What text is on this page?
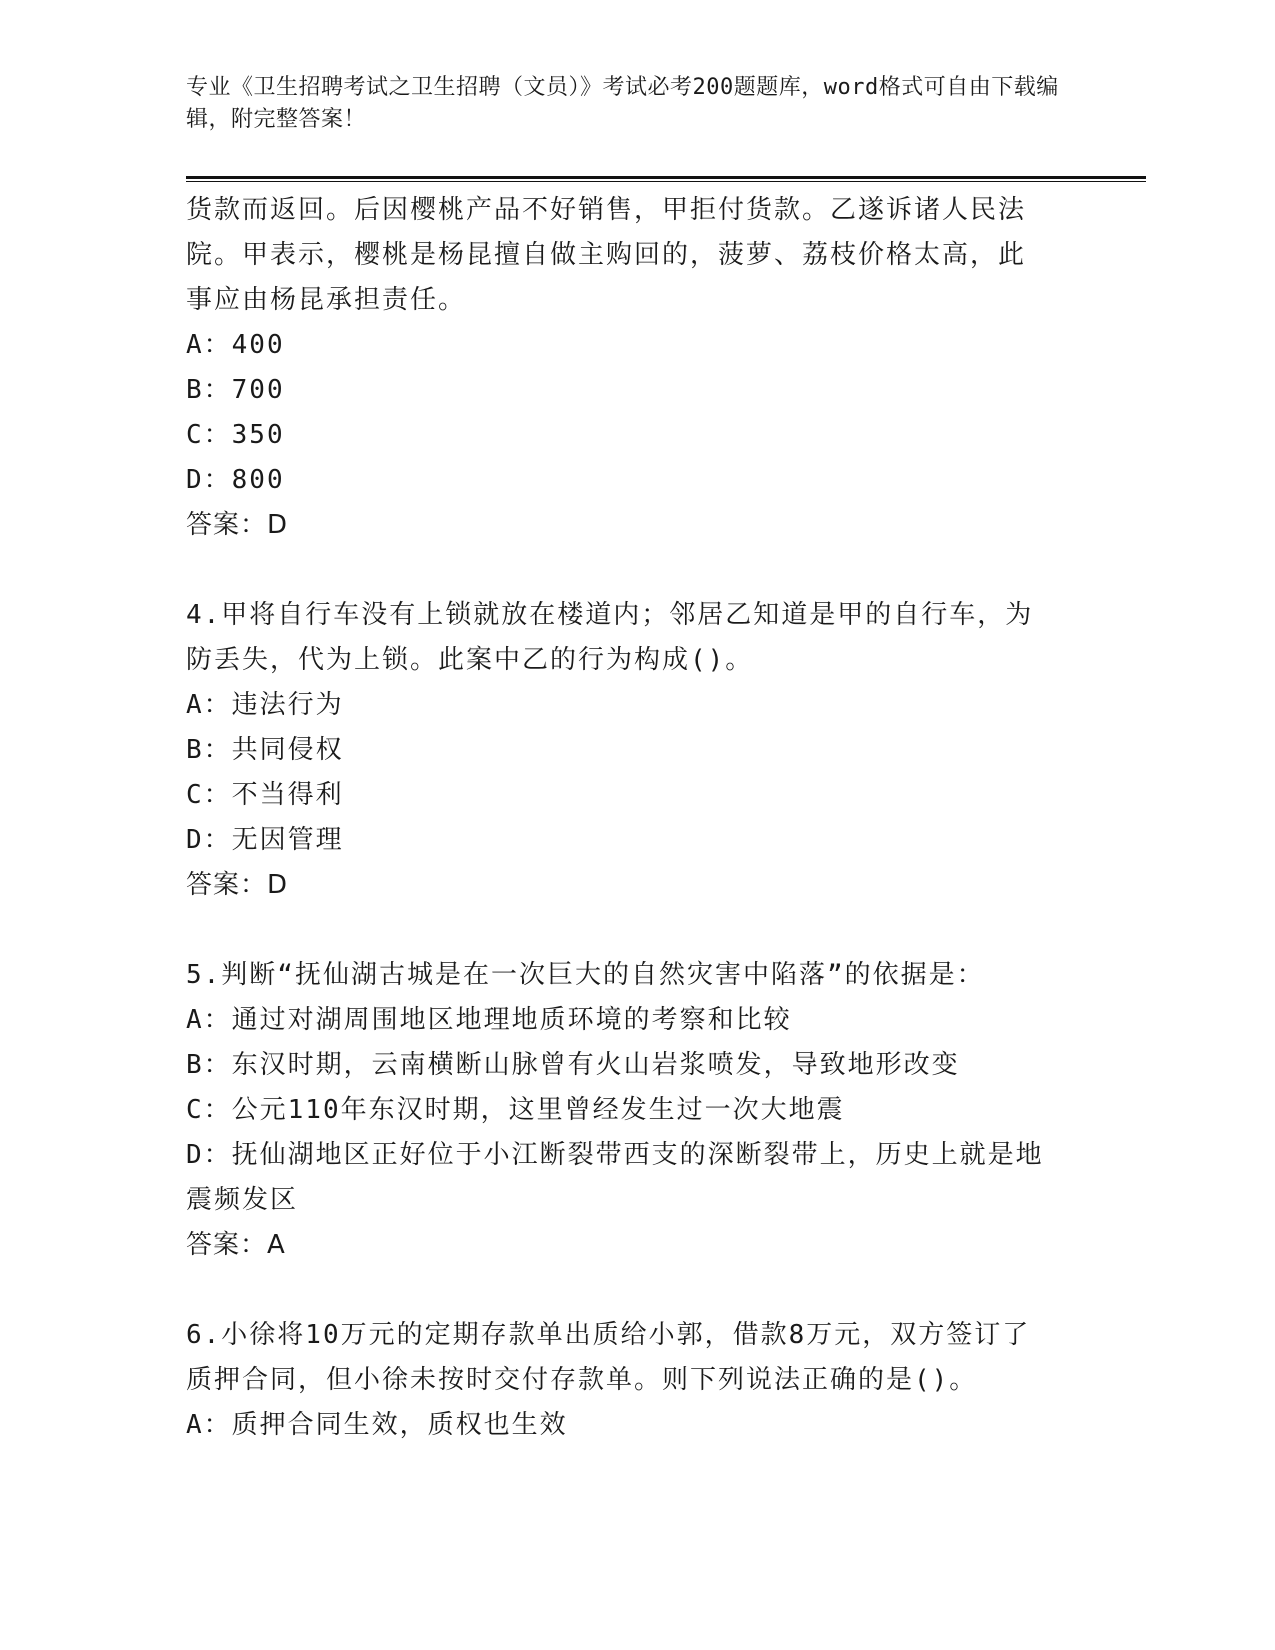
专业《卫生招聘考试之卫生招聘（文员）》考试必考200题题库，word格式可自由下载编辑，附完整答案！
货款而返回。后因樱桃产品不好销售，甲拒付货款。乙遂诉诸人民法
院。甲表示，樱桃是杨昆擅自做主购回的，菠萝、荔枝价格太高，此
事应由杨昆承担责任。
A：400
B：700
C：350
D：800
答案：D
4.甲将自行车没有上锁就放在楼道内；邻居乙知道是甲的自行车，为
防丢失，代为上锁。此案中乙的行为构成()。
A：违法行为
B：共同侵权
C：不当得利
D：无因管理
答案：D
5.判断“抚仙湖古城是在一次巨大的自然灾害中陷落”的依据是：
A：通过对湖周围地区地理地质环境的考察和比较
B：东汉时期，云南横断山脉曾有火山岩浆喷发，导致地形改变
C：公元110年东汉时期，这里曾经发生过一次大地震
D：抚仙湖地区正好位于小江断裂带西支的深断裂带上，历史上就是地
震频发区
答案：A
6.小徐将10万元的定期存款单出质给小郭，借款8万元，双方签订了
质押合同，但小徐未按时交付存款单。则下列说法正确的是()。
A：质押合同生效，质权也生效
